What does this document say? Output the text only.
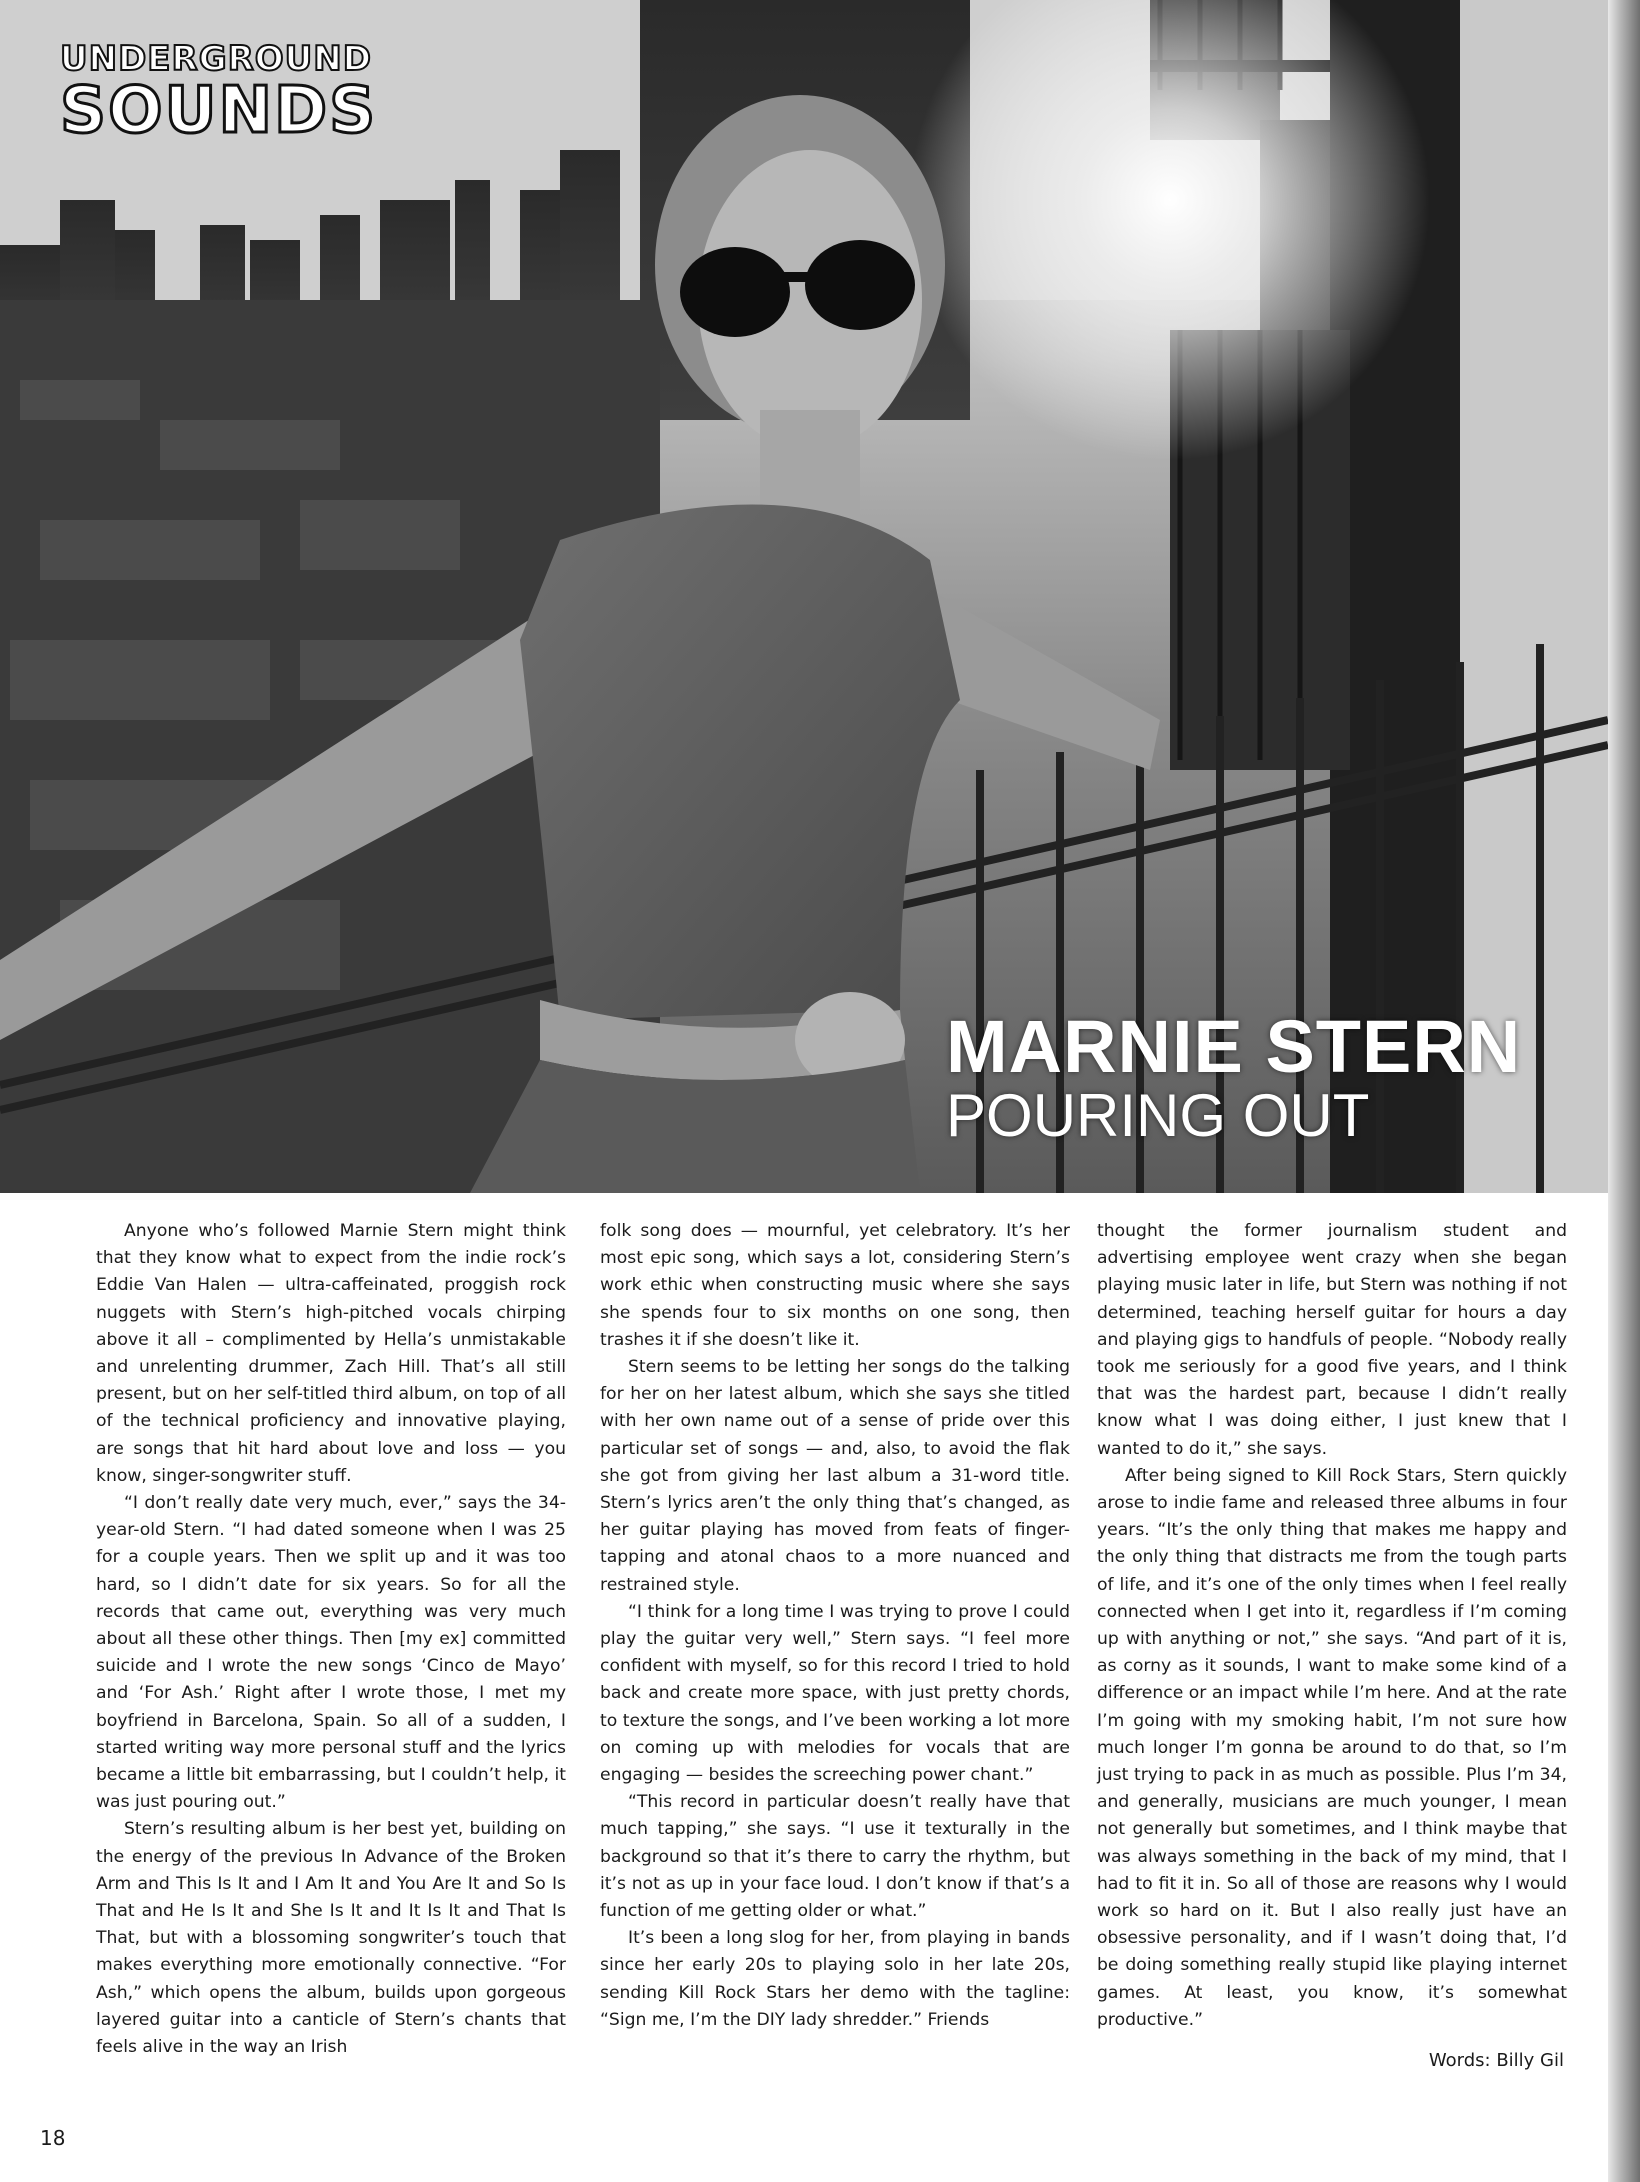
UNDERGROUND
SOUNDS
MARNIE STERN
POURING OUT

Anyone who’s followed Marnie Stern might think that they know what to expect from the indie rock’s Eddie Van Halen — ultra-caffeinated, proggish rock nuggets with Stern’s high-pitched vocals chirping above it all – complimented by Hella’s unmistakable and unrelenting drummer, Zach Hill. That’s all still present, but on her self-titled third album, on top of all of the technical proficiency and innovative playing, are songs that hit hard about love and loss — you know, singer-songwriter stuff.

“I don’t really date very much, ever,” says the 34-year-old Stern. “I had dated someone when I was 25 for a couple years. Then we split up and it was too hard, so I didn’t date for six years. So for all the records that came out, everything was very much about all these other things. Then [my ex] committed suicide and I wrote the new songs ‘Cinco de Mayo’ and ‘For Ash.’ Right after I wrote those, I met my boyfriend in Barcelona, Spain. So all of a sudden, I started writing way more personal stuff and the lyrics became a little bit embarrassing, but I couldn’t help, it was just pouring out.”

Stern’s resulting album is her best yet, building on the energy of the previous In Advance of the Broken Arm and This Is It and I Am It and You Are It and So Is That and He Is It and She Is It and It Is It and That Is That, but with a blossoming songwriter’s touch that makes everything more emotionally connective. “For Ash,” which opens the album, builds upon gorgeous layered guitar into a canticle of Stern’s chants that feels alive in the way an Irish

folk song does — mournful, yet celebratory. It’s her most epic song, which says a lot, considering Stern’s work ethic when constructing music where she says she spends four to six months on one song, then trashes it if she doesn’t like it.

Stern seems to be letting her songs do the talking for her on her latest album, which she says she titled with her own name out of a sense of pride over this particular set of songs — and, also, to avoid the flak she got from giving her last album a 31-word title. Stern’s lyrics aren’t the only thing that’s changed, as her guitar playing has moved from feats of finger-tapping and atonal chaos to a more nuanced and restrained style.

“I think for a long time I was trying to prove I could play the guitar very well,” Stern says. “I feel more confident with myself, so for this record I tried to hold back and create more space, with just pretty chords, to texture the songs, and I’ve been working a lot more on coming up with melodies for vocals that are engaging — besides the screeching power chant.”

“This record in particular doesn’t really have that much tapping,” she says. “I use it texturally in the background so that it’s there to carry the rhythm, but it’s not as up in your face loud. I don’t know if that’s a function of me getting older or what.”

It’s been a long slog for her, from playing in bands since her early 20s to playing solo in her late 20s, sending Kill Rock Stars her demo with the tagline: “Sign me, I’m the DIY lady shredder.” Friends

thought the former journalism student and advertising employee went crazy when she began playing music later in life, but Stern was nothing if not determined, teaching herself guitar for hours a day and playing gigs to handfuls of people. “Nobody really took me seriously for a good five years, and I think that was the hardest part, because I didn’t really know what I was doing either, I just knew that I wanted to do it,” she says.

After being signed to Kill Rock Stars, Stern quickly arose to indie fame and released three albums in four years. “It’s the only thing that makes me happy and the only thing that distracts me from the tough parts of life, and it’s one of the only times when I feel really connected when I get into it, regardless if I’m coming up with anything or not,” she says. “And part of it is, as corny as it sounds, I want to make some kind of a difference or an impact while I’m here. And at the rate I’m going with my smoking habit, I’m not sure how much longer I’m gonna be around to do that, so I’m just trying to pack in as much as possible. Plus I’m 34, and generally, musicians are much younger, I mean not generally but sometimes, and I think maybe that was always something in the back of my mind, that I had to fit it in. So all of those are reasons why I would work so hard on it. But I also really just have an obsessive personality, and if I wasn’t doing that, I’d be doing something really stupid like playing internet games. At least, you know, it’s somewhat productive.”

Words: Billy Gil
18
